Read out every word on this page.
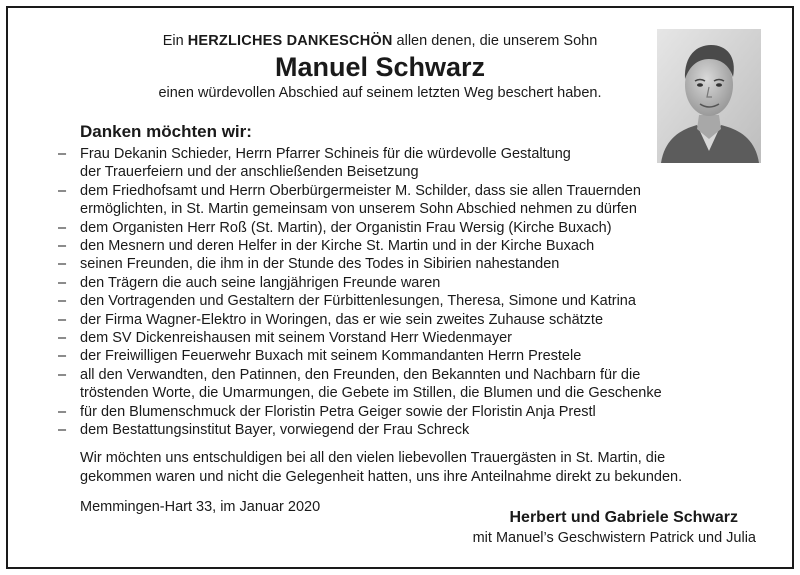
Ein HERZLICHES DANKESCHÖN allen denen, die unserem Sohn
Manuel Schwarz
einen würdevollen Abschied auf seinem letzten Weg beschert haben.
Danken möchten wir:
– Frau Dekanin Schieder, Herrn Pfarrer Schineis für die würdevolle Gestaltung
der Trauerfeiern und der anschließenden Beisetzung
– dem Friedhofsamt und Herrn Oberbürgermeister M. Schilder, dass sie allen Trauernden
ermöglichten, in St. Martin gemeinsam von unserem Sohn Abschied nehmen zu dürfen
– dem Organisten Herr Roß (St. Martin), der Organistin Frau Wersig (Kirche Buxach)
– den Mesnern und deren Helfer in der Kirche St. Martin und in der Kirche Buxach
– seinen Freunden, die ihm in der Stunde des Todes in Sibirien nahestanden
– den Trägern die auch seine langjährigen Freunde waren
– den Vortragenden und Gestaltern der Fürbittenlesungen, Theresa, Simone und Katrina
– der Firma Wagner-Elektro in Woringen, das er wie sein zweites Zuhause schätzte
– dem SV Dickenreishausen mit seinem Vorstand Herr Wiedenmayer
– der Freiwilligen Feuerwehr Buxach mit seinem Kommandanten Herrn Prestele
– all den Verwandten, den Patinnen, den Freunden, den Bekannten und Nachbarn für die
tröstenden Worte, die Umarmungen, die Gebete im Stillen, die Blumen und die Geschenke
– für den Blumenschmuck der Floristin Petra Geiger sowie der Floristin Anja Prestl
– dem Bestattungsinstitut Bayer, vorwiegend der Frau Schreck
Wir möchten uns entschuldigen bei all den vielen liebevollen Trauergästen in St. Martin, die
gekommen waren und nicht die Gelegenheit hatten, uns ihre Anteilnahme direkt zu bekunden.
Memmingen-Hart 33, im Januar 2020
Herbert und Gabriele Schwarz
mit Manuel’s Geschwistern Patrick und Julia
